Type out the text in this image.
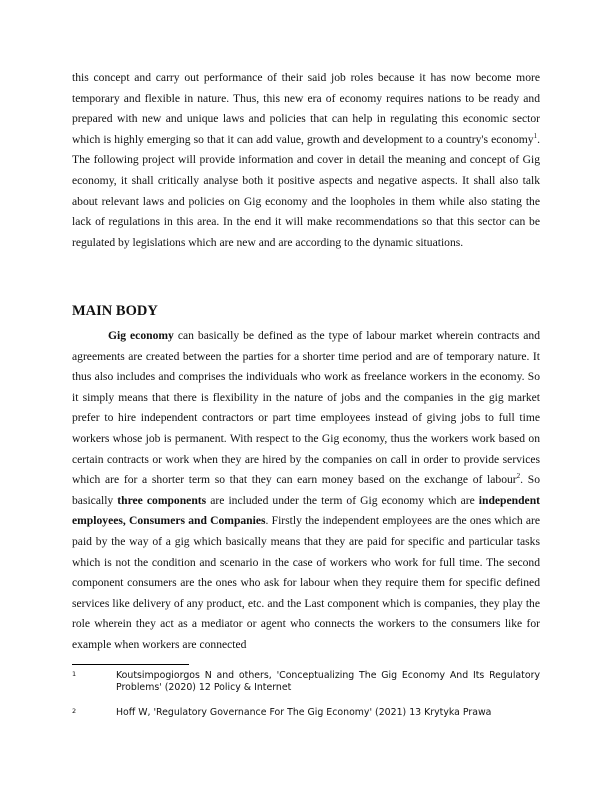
this concept and carry out performance of their said job roles because it has now become more temporary and flexible in nature. Thus, this new era of economy requires nations to be ready and prepared with new and unique laws and policies that can help in regulating this economic sector which is highly emerging so that it can add value, growth and development to a country's economy$^1$. The following project will provide information and cover in detail the meaning and concept of Gig economy, it shall critically analyse both it positive aspects and negative aspects. It shall also talk about relevant laws and policies on Gig economy and the loopholes in them while also stating the lack of regulations in this area. In the end it will make recommendations so that this sector can be regulated by legislations which are new and are according to the dynamic situations.

MAIN BODY

Gig economy can basically be defined as the type of labour market wherein contracts and agreements are created between the parties for a shorter time period and are of temporary nature. It thus also includes and comprises the individuals who work as freelance workers in the economy. So it simply means that there is flexibility in the nature of jobs and the companies in the gig market prefer to hire independent contractors or part time employees instead of giving jobs to full time workers whose job is permanent. With respect to the Gig economy, thus the workers work based on certain contracts or work when they are hired by the companies on call in order to provide services which are for a shorter term so that they can earn money based on the exchange of labour$^2$. So basically three components are included under the term of Gig economy which are independent employees, Consumers and Companies. Firstly the independent employees are the ones which are paid by the way of a gig which basically means that they are paid for specific and particular tasks which is not the condition and scenario in the case of workers who work for full time. The second component consumers are the ones who ask for labour when they require them for specific defined services like delivery of any product, etc. and the Last component which is companies, they play the role wherein they act as a mediator or agent who connects the workers to the consumers like for example when workers are connected

1	Koutsimpogiorgos N and others, 'Conceptualizing The Gig Economy And Its Regulatory Problems' (2020) 12 Policy & Internet
2	Hoff W, 'Regulatory Governance For The Gig Economy' (2021) 13 Krytyka Prawa
